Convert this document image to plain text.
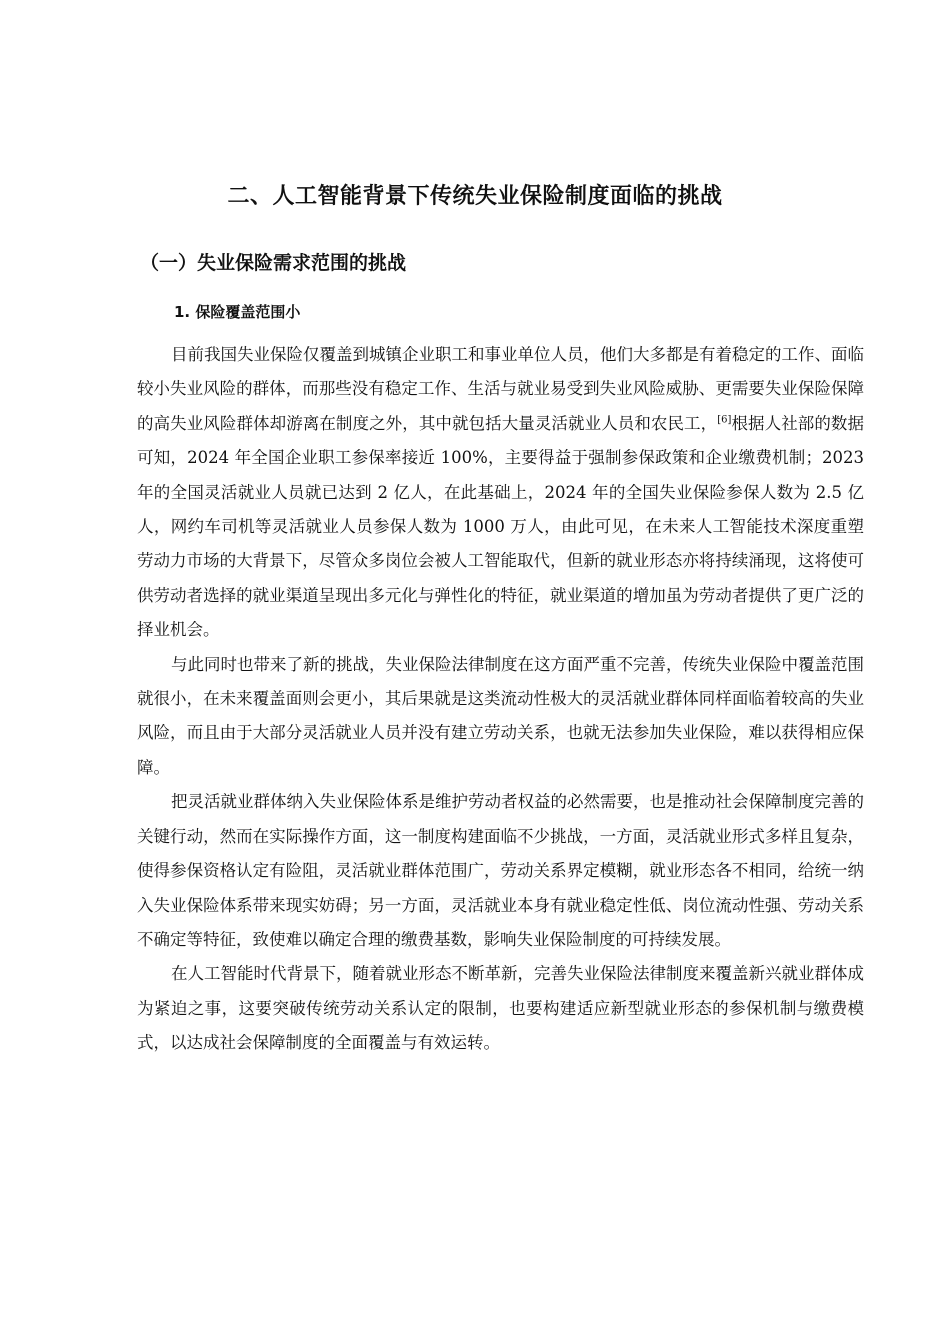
二、人工智能背景下传统失业保险制度面临的挑战
（一）失业保险需求范围的挑战
1. 保险覆盖范围小

目前我国失业保险仅覆盖到城镇企业职工和事业单位人员，他们大多都是有着稳定的工作、面临较小失业风险的群体，而那些没有稳定工作、生活与就业易受到失业风险威胁、更需要失业保险保障的高失业风险群体却游离在制度之外，其中就包括大量灵活就业人员和农民工，[6]根据人社部的数据可知，2024 年全国企业职工参保率接近 100%，主要得益于强制参保政策和企业缴费机制；2023 年的全国灵活就业人员就已达到 2 亿人，在此基础上，2024 年的全国失业保险参保人数为 2.5 亿人，网约车司机等灵活就业人员参保人数为 1000 万人，由此可见，在未来人工智能技术深度重塑劳动力市场的大背景下，尽管众多岗位会被人工智能取代，但新的就业形态亦将持续涌现，这将使可供劳动者选择的就业渠道呈现出多元化与弹性化的特征，就业渠道的增加虽为劳动者提供了更广泛的择业机会。

与此同时也带来了新的挑战，失业保险法律制度在这方面严重不完善，传统失业保险中覆盖范围就很小，在未来覆盖面则会更小，其后果就是这类流动性极大的灵活就业群体同样面临着较高的失业风险，而且由于大部分灵活就业人员并没有建立劳动关系，也就无法参加失业保险，难以获得相应保障。

把灵活就业群体纳入失业保险体系是维护劳动者权益的必然需要，也是推动社会保障制度完善的关键行动，然而在实际操作方面，这一制度构建面临不少挑战，一方面，灵活就业形式多样且复杂，使得参保资格认定有险阻，灵活就业群体范围广，劳动关系界定模糊，就业形态各不相同，给统一纳入失业保险体系带来现实妨碍；另一方面，灵活就业本身有就业稳定性低、岗位流动性强、劳动关系不确定等特征，致使难以确定合理的缴费基数，影响失业保险制度的可持续发展。

在人工智能时代背景下，随着就业形态不断革新，完善失业保险法律制度来覆盖新兴就业群体成为紧迫之事，这要突破传统劳动关系认定的限制，也要构建适应新型就业形态的参保机制与缴费模式，以达成社会保障制度的全面覆盖与有效运转。
